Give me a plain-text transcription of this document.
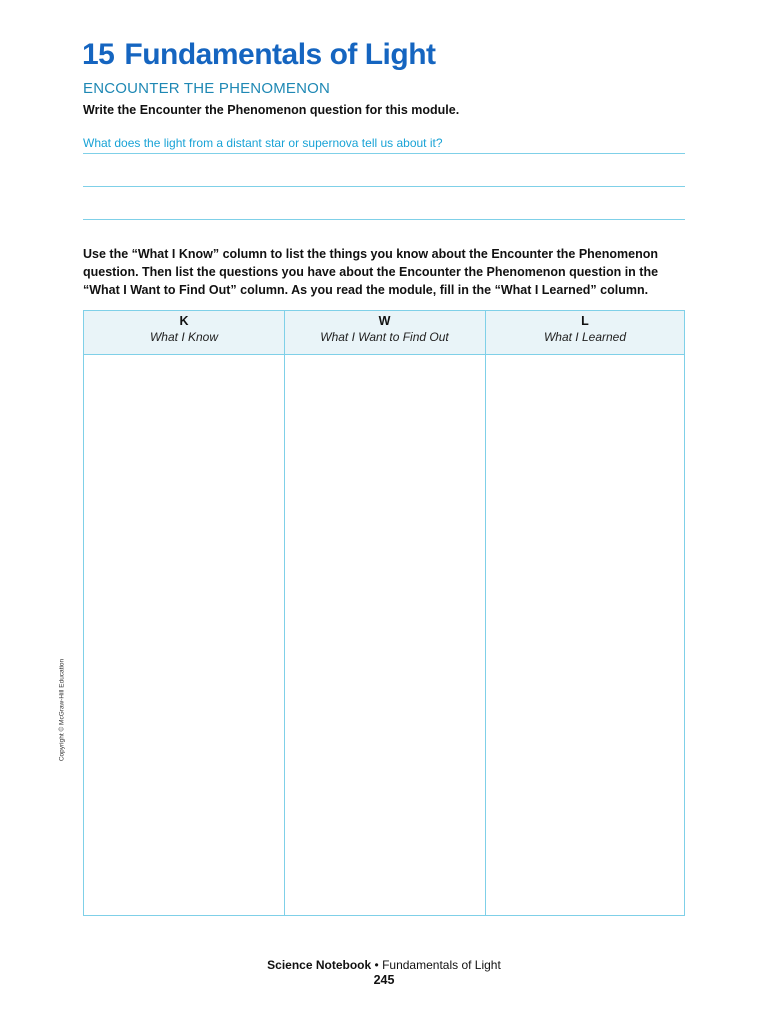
15 Fundamentals of Light
ENCOUNTER THE PHENOMENON
Write the Encounter the Phenomenon question for this module.
What does the light from a distant star or supernova tell us about it?
Use the “What I Know” column to list the things you know about the Encounter the Phenomenon question. Then list the questions you have about the Encounter the Phenomenon question in the “What I Want to Find Out” column. As you read the module, fill in the “What I Learned” column.
K
What I Know
W
What I Want to Find Out
L
What I Learned
Copyright © McGraw-Hill Education
Science Notebook • Fundamentals of Light
245
